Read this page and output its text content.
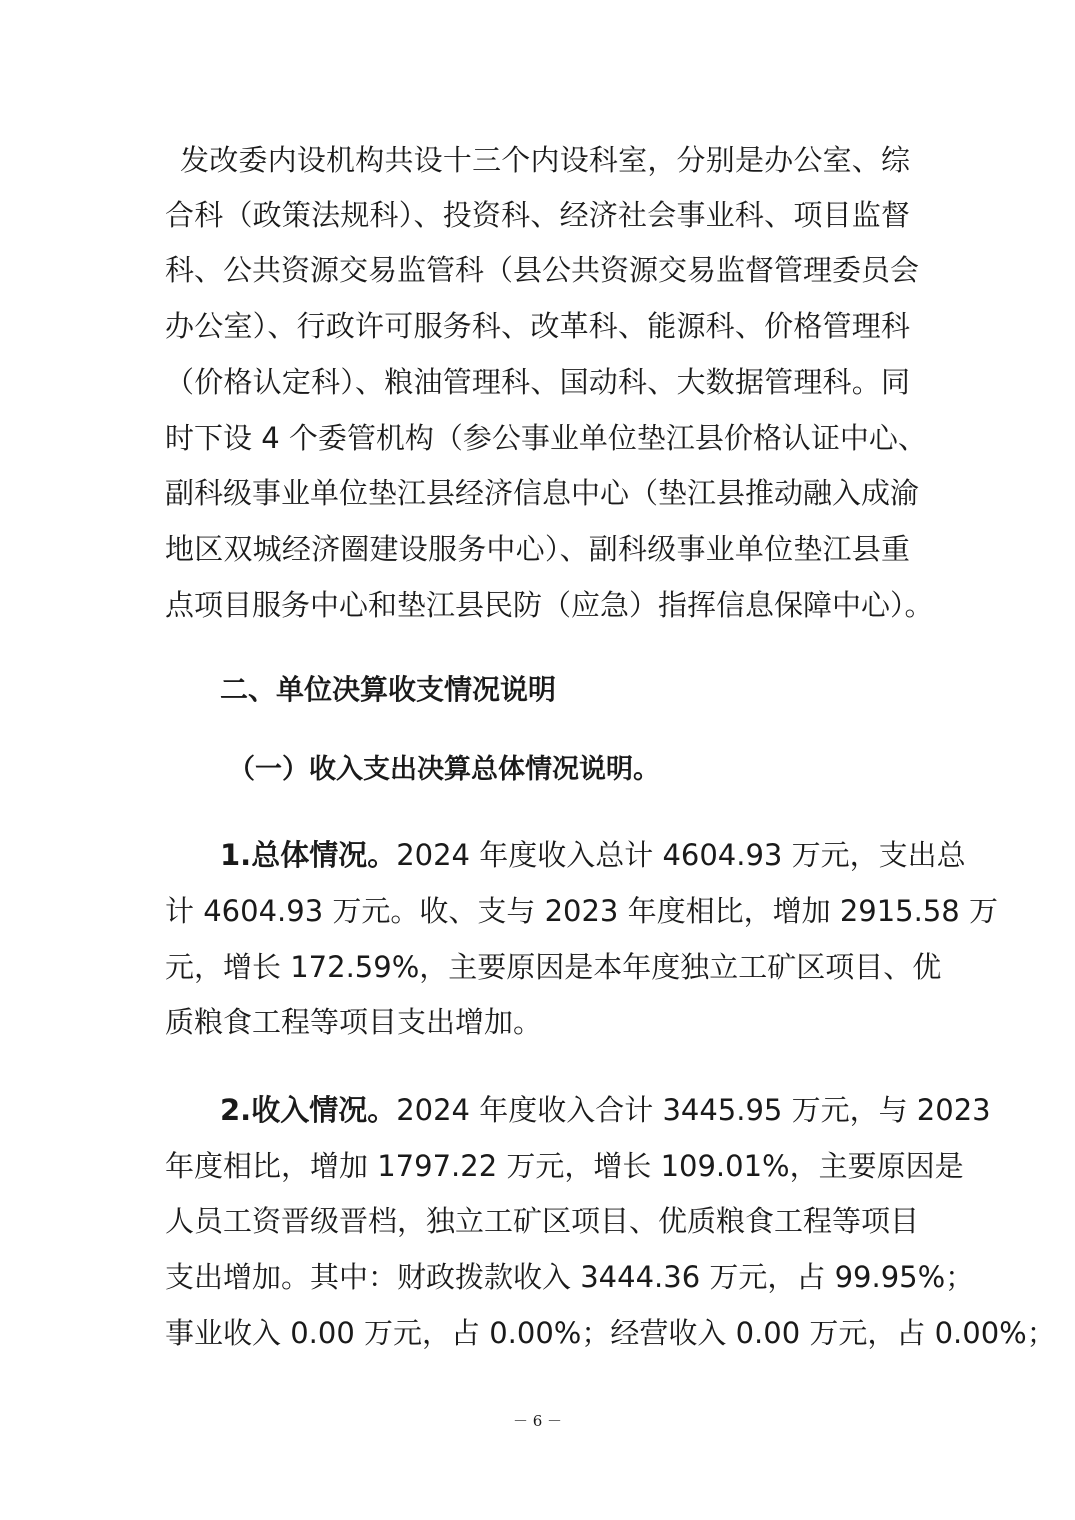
发改委内设机构共设十三个内设科室，分别是办公室、综
合科（政策法规科）、投资科、经济社会事业科、项目监督
科、公共资源交易监管科（县公共资源交易监督管理委员会
办公室）、行政许可服务科、改革科、能源科、价格管理科
（价格认定科）、粮油管理科、国动科、大数据管理科。同
时下设 4 个委管机构（参公事业单位垫江县价格认证中心、
副科级事业单位垫江县经济信息中心（垫江县推动融入成渝
地区双城经济圈建设服务中心）、副科级事业单位垫江县重
点项目服务中心和垫江县民防（应急）指挥信息保障中心）。
二、单位决算收支情况说明
（一）收入支出决算总体情况说明。
1.总体情况。2024 年度收入总计 4604.93 万元，支出总
计 4604.93 万元。收、支与 2023 年度相比，增加 2915.58 万
元，增长 172.59%，主要原因是本年度独立工矿区项目、优
质粮食工程等项目支出增加。
2.收入情况。2024 年度收入合计 3445.95 万元，与 2023
年度相比，增加 1797.22 万元，增长 109.01%，主要原因是
人员工资晋级晋档，独立工矿区项目、优质粮食工程等项目
支出增加。其中：财政拨款收入 3444.36 万元，占 99.95%；
事业收入 0.00 万元，占 0.00%；经营收入 0.00 万元，占 0.00%；
－ 6 －
